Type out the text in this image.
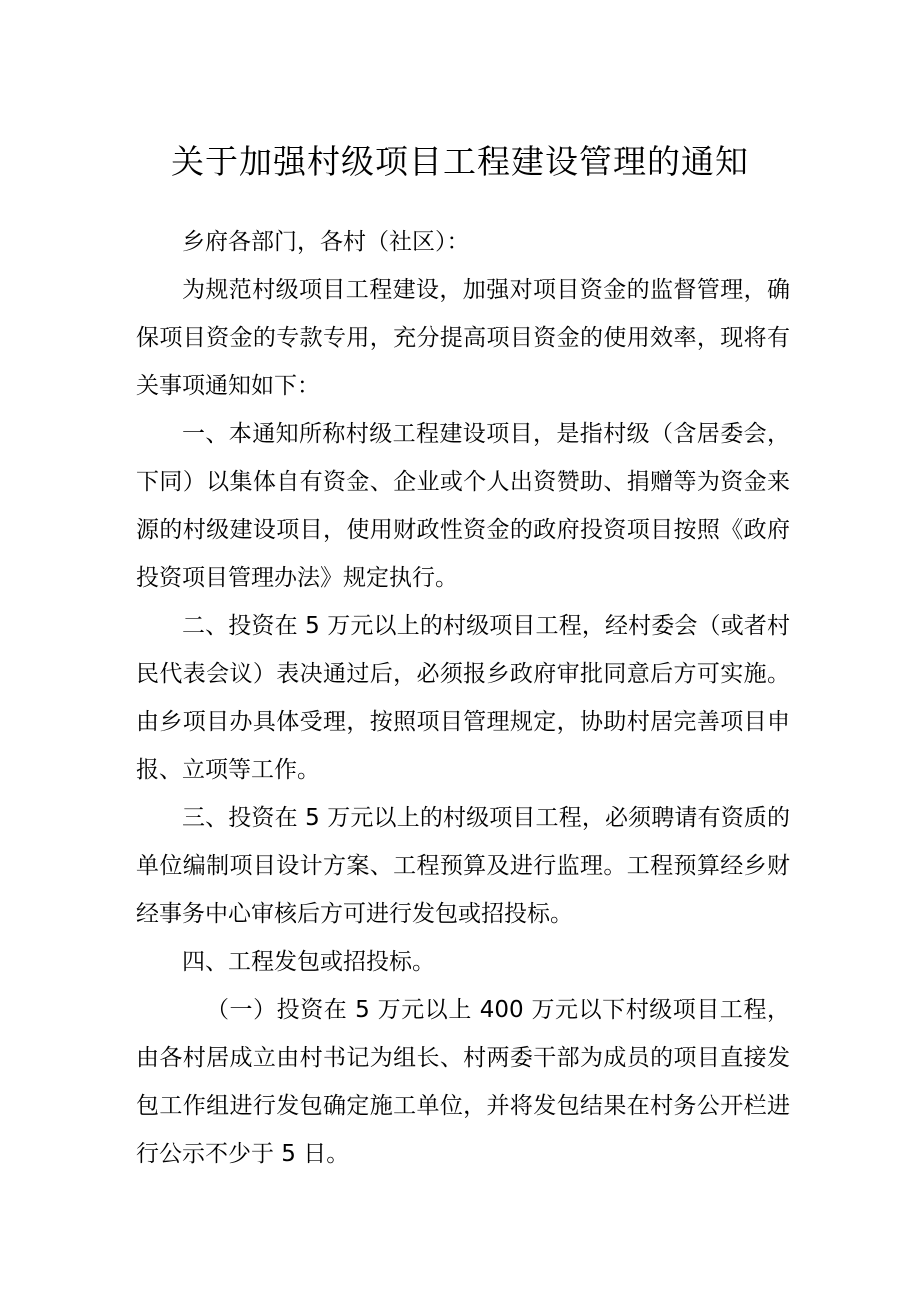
关于加强村级项目工程建设管理的通知

乡府各部门，各村（社区）：

为规范村级项目工程建设，加强对项目资金的监督管理，确保项目资金的专款专用，充分提高项目资金的使用效率，现将有关事项通知如下：

一、本通知所称村级工程建设项目，是指村级（含居委会，下同）以集体自有资金、企业或个人出资赞助、捐赠等为资金来源的村级建设项目，使用财政性资金的政府投资项目按照《政府投资项目管理办法》规定执行。

二、投资在 5 万元以上的村级项目工程，经村委会（或者村民代表会议）表决通过后，必须报乡政府审批同意后方可实施。由乡项目办具体受理，按照项目管理规定，协助村居完善项目申报、立项等工作。

三、投资在 5 万元以上的村级项目工程，必须聘请有资质的单位编制项目设计方案、工程预算及进行监理。工程预算经乡财经事务中心审核后方可进行发包或招投标。

四、工程发包或招投标。

（一）投资在 5 万元以上 400 万元以下村级项目工程，由各村居成立由村书记为组长、村两委干部为成员的项目直接发包工作组进行发包确定施工单位，并将发包结果在村务公开栏进行公示不少于 5 日。
